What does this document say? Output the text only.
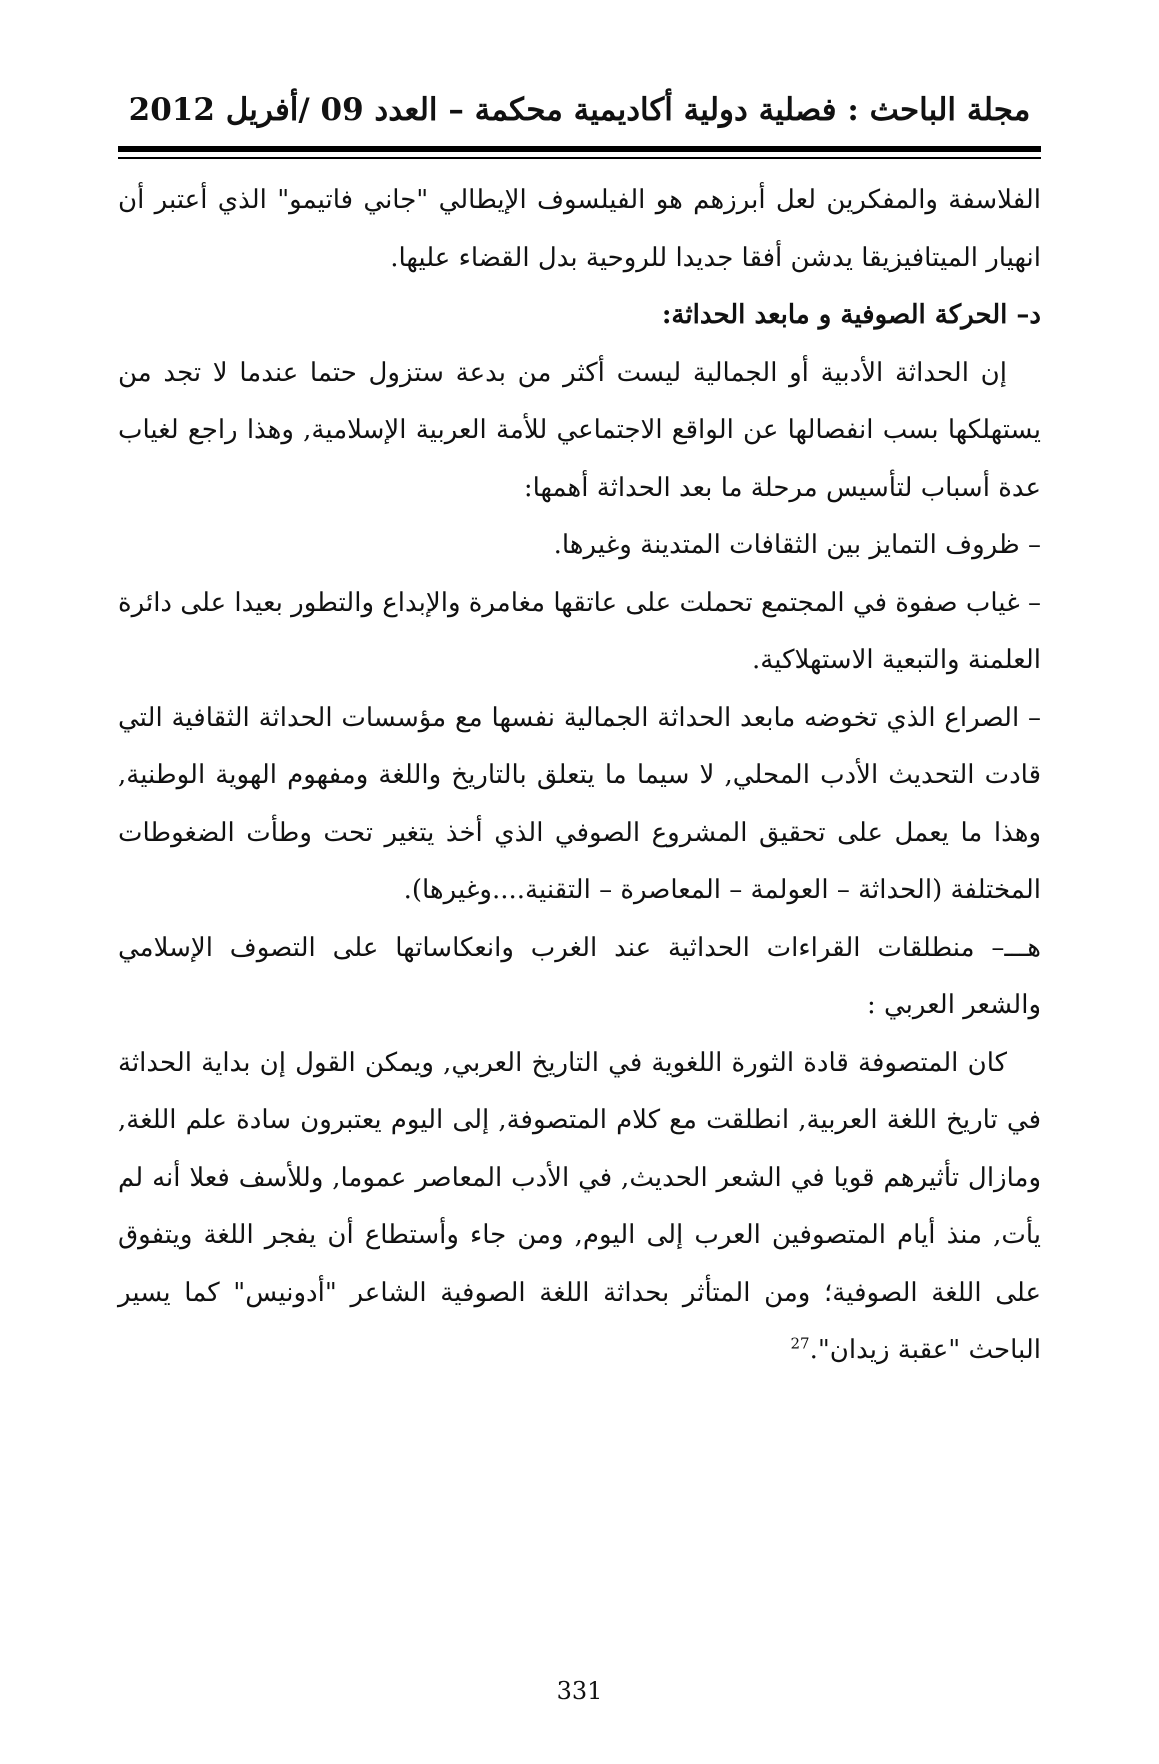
مجلة الباحث : فصلية دولية أكاديمية محكمة – العدد 09 /أفريل 2012

الفلاسفة والمفكرين لعل أبرزهم هو الفيلسوف الإيطالي "جاني فاتيمو" الذي أعتبر أن انهيار الميتافيزيقا يدشن أفقا جديدا للروحية بدل القضاء عليها.

د– الحركة الصوفية و مابعد الحداثة:

إن الحداثة الأدبية أو الجمالية ليست أكثر من بدعة ستزول حتما عندما لا تجد من يستهلكها بسب انفصالها عن الواقع الاجتماعي للأمة العربية الإسلامية, وهذا راجع لغياب عدة أسباب لتأسيس مرحلة ما بعد الحداثة أهمها:

– ظروف التمايز بين الثقافات المتدينة وغيرها.

– غياب صفوة في المجتمع تحملت على عاتقها مغامرة والإبداع والتطور بعيدا على دائرة العلمنة والتبعية الاستهلاكية.

– الصراع الذي تخوضه مابعد الحداثة الجمالية نفسها مع مؤسسات الحداثة الثقافية التي قادت التحديث الأدب المحلي, لا سيما ما يتعلق بالتاريخ واللغة ومفهوم الهوية الوطنية, وهذا ما يعمل على تحقيق المشروع الصوفي الذي أخذ يتغير تحت وطأت الضغوطات المختلفة (الحداثة – العولمة – المعاصرة – التقنية....وغيرها).

هـــ– منطلقات القراءات الحداثية عند الغرب وانعكاساتها على التصوف الإسلامي والشعر العربي :

كان المتصوفة قادة الثورة اللغوية في التاريخ العربي, ويمكن القول إن بداية الحداثة في تاريخ اللغة العربية, انطلقت مع كلام المتصوفة, إلى اليوم يعتبرون سادة علم اللغة, ومازال تأثيرهم قويا في الشعر الحديث, في الأدب المعاصر عموما, وللأسف فعلا أنه لم يأت, منذ أيام المتصوفين العرب إلى اليوم, ومن جاء وأستطاع أن يفجر اللغة ويتفوق على اللغة الصوفية؛ ومن المتأثر بحداثة اللغة الصوفية الشاعر "أدونيس" كما يسير الباحث "عقبة زيدان".$^{27}$

331
